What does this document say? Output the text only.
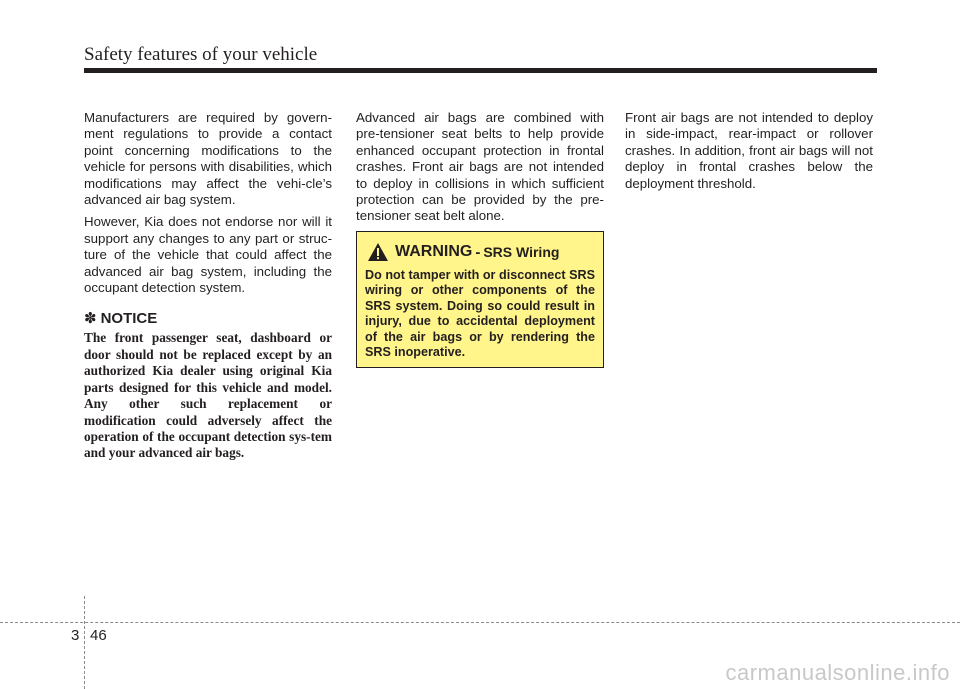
Safety features of your vehicle

Manufacturers are required by govern-ment regulations to provide a contact point concerning modifications to the vehicle for persons with disabilities, which modifications may affect the vehi-cle’s advanced air bag system.

However, Kia does not endorse nor will it support any changes to any part or struc-ture of the vehicle that could affect the advanced air bag system, including the occupant detection system.

✽ NOTICE
The front passenger seat, dashboard or door should not be replaced except by an authorized Kia dealer using original Kia parts designed for this vehicle and model. Any other such replacement or modification could adversely affect the operation of the occupant detection sys-tem and your advanced air bags.

Advanced air bags are combined with pre-tensioner seat belts to help provide enhanced occupant protection in frontal crashes. Front air bags are not intended to deploy in collisions in which sufficient protection can be provided by the pre-tensioner seat belt alone.

WARNING - SRS Wiring
Do not tamper with or disconnect SRS wiring or other components of the SRS system. Doing so could result in injury, due to accidental deployment of the air bags or by rendering the SRS inoperative.

Front air bags are not intended to deploy in side-impact, rear-impact or rollover crashes. In addition, front air bags will not deploy in frontal crashes below the deployment threshold.

3 46
carmanualsonline.info
